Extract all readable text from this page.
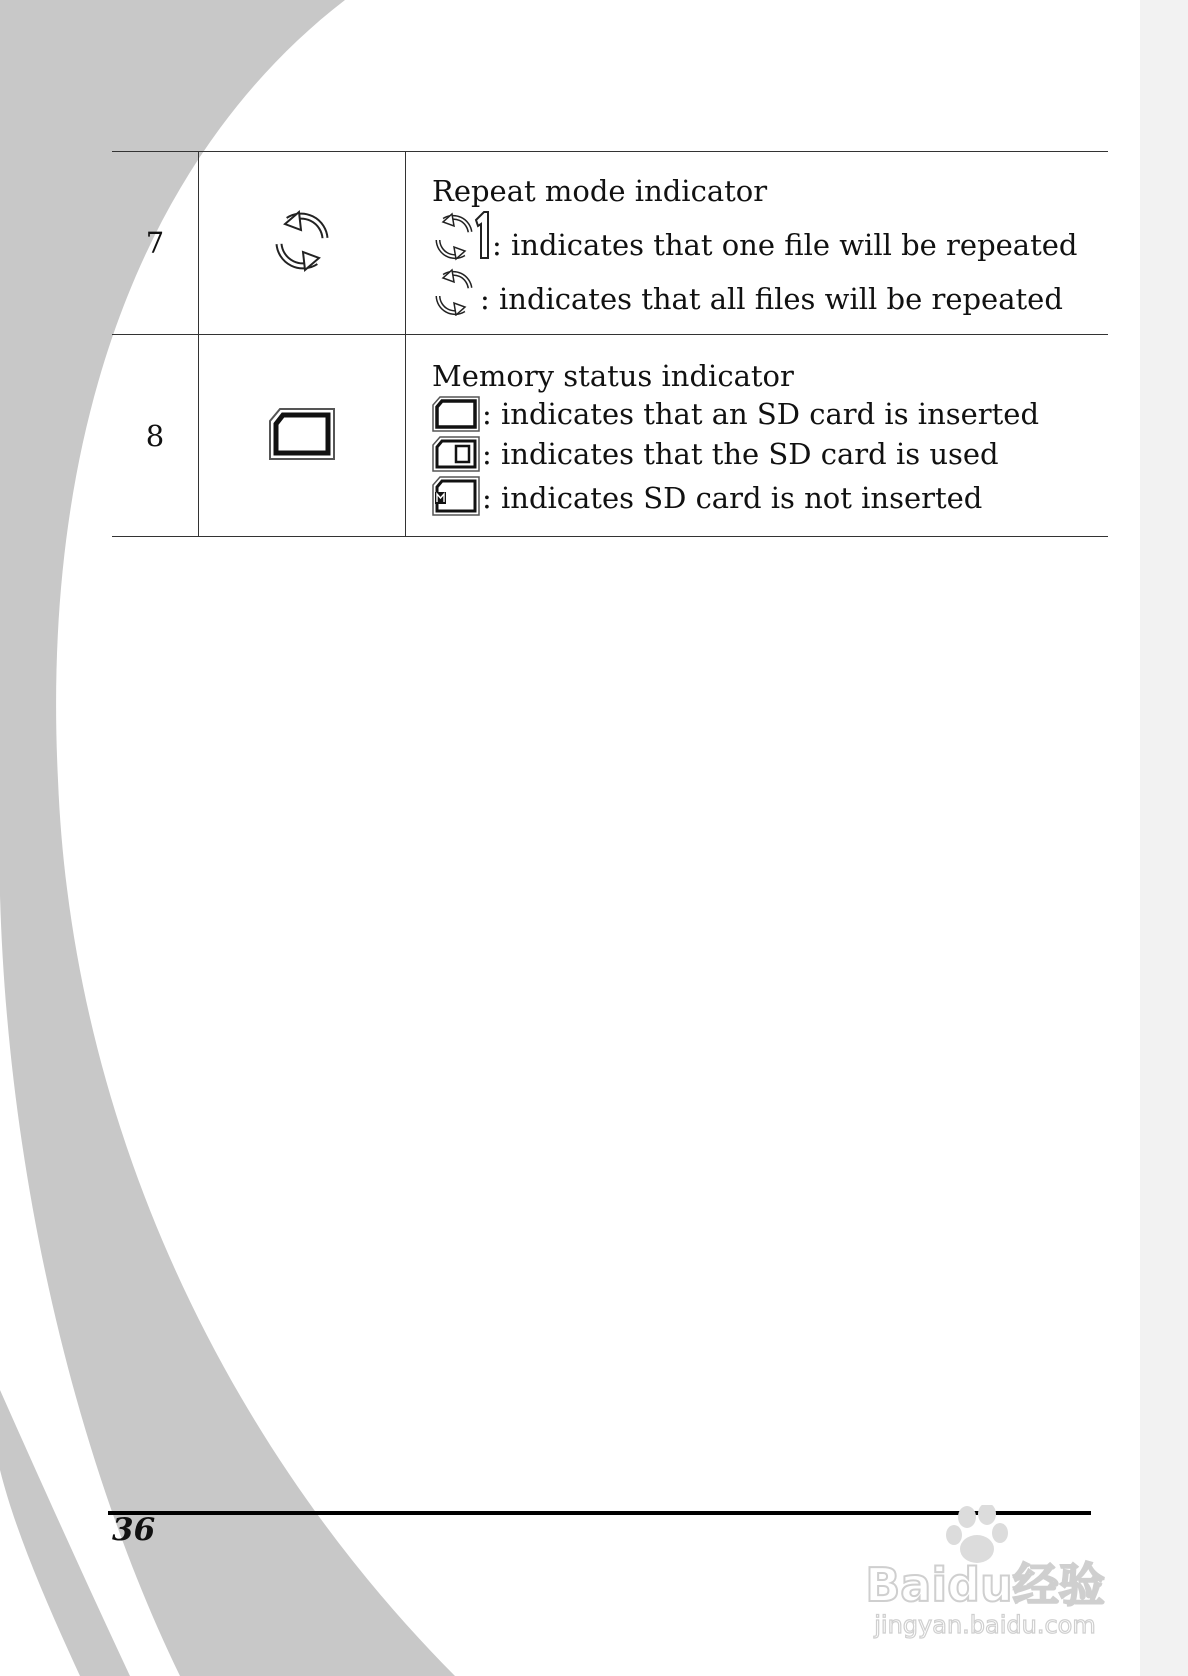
7		Repeat mode indicator
: indicates that one file will be repeated
: indicates that all files will be repeated

8		Memory status indicator
: indicates that an SD card is inserted
: indicates that the SD card is used
: indicates SD card is not inserted
36
Baidu经验
jingyan.baidu.com
